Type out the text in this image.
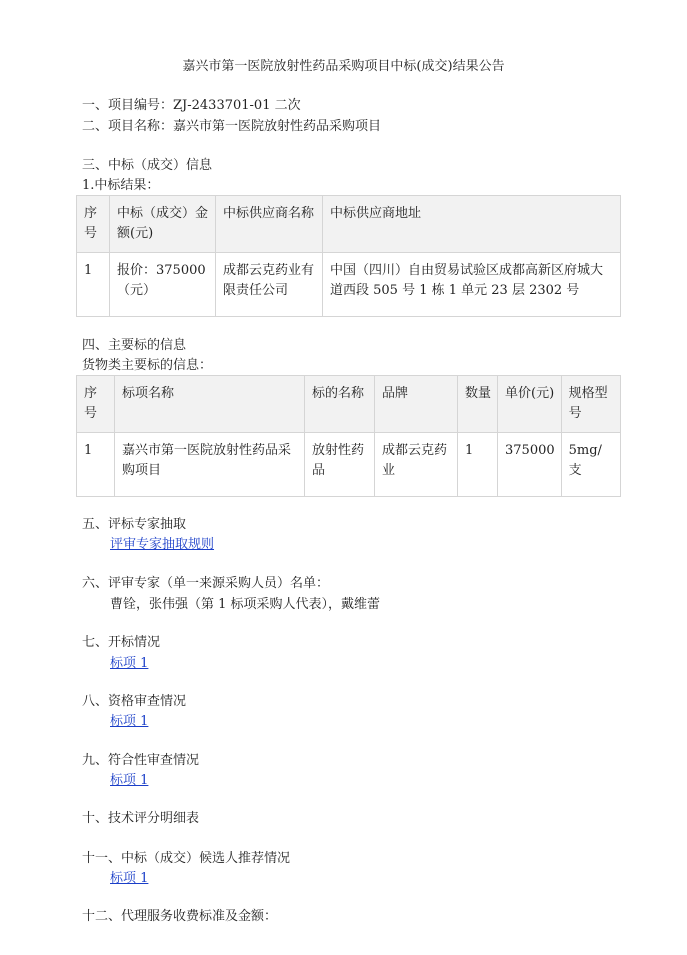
嘉兴市第一医院放射性药品采购项目中标(成交)结果公告
一、项目编号：ZJ-2433701-01 二次
二、项目名称：嘉兴市第一医院放射性药品采购项目
三、中标（成交）信息
1.中标结果：
序号	中标（成交）金额(元)	中标供应商名称	中标供应商地址

1	报价：375000（元）	成都云克药业有限责任公司	中国（四川）自由贸易试验区成都高新区府城大道西段 505 号 1 栋 1 单元 23 层 2302 号
四、主要标的信息
货物类主要标的信息：
序号	标项名称	标的名称	品牌	数量	单价(元)	规格型号

1	嘉兴市第一医院放射性药品采购项目	放射性药品	成都云克药业	1	375000	5mg/支
五、评标专家抽取
评审专家抽取规则
六、评审专家（单一来源采购人员）名单：
曹铨，张伟强（第 1 标项采购人代表），戴维蕾
七、开标情况
标项 1
八、资格审查情况
标项 1
九、符合性审查情况
标项 1
十、技术评分明细表
十一、中标（成交）候选人推荐情况
标项 1
十二、代理服务收费标准及金额：
